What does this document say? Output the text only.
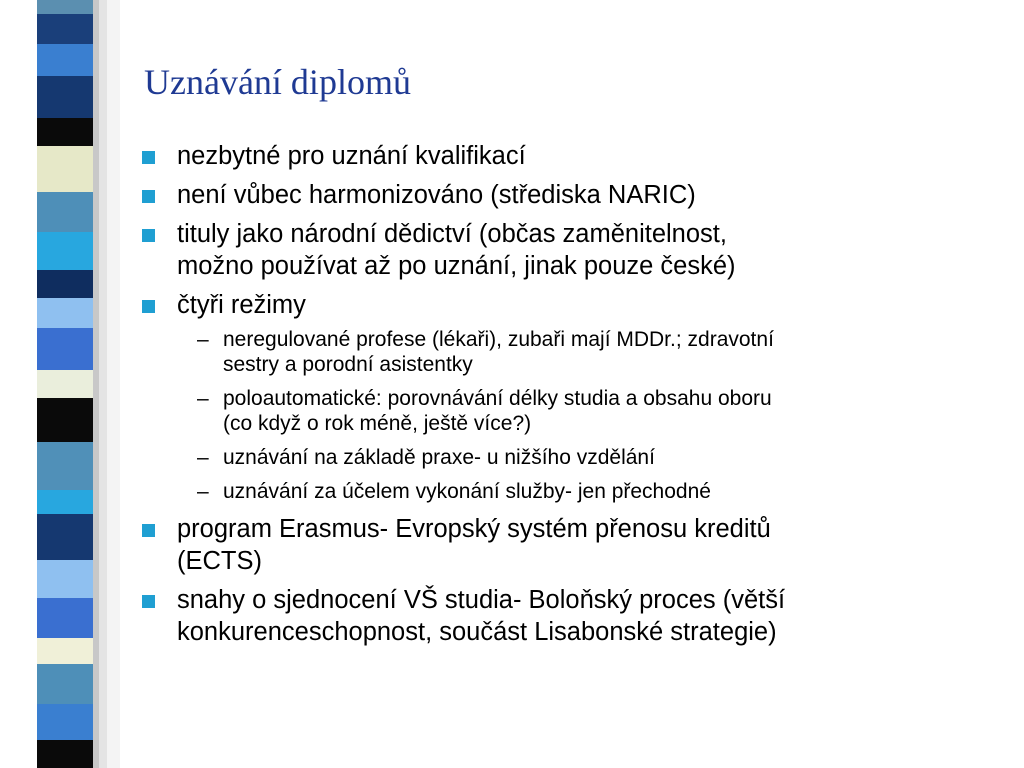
Uznávání diplomů
nezbytné pro uznání kvalifikací
není vůbec harmonizováno (střediska NARIC)
tituly jako národní dědictví (občas zaměnitelnost,
možno používat až po uznání, jinak pouze české)
čtyři režimy
– neregulované profese (lékaři), zubaři mají MDDr.; zdravotní
sestry a porodní asistentky
– poloautomatické: porovnávání délky studia a obsahu oboru
(co když o rok méně, ještě více?)
– uznávání na základě praxe- u nižšího vzdělání
– uznávání za účelem vykonání služby- jen přechodné
program Erasmus- Evropský systém přenosu kreditů
(ECTS)
snahy o sjednocení VŠ studia- Boloňský proces (větší
konkurenceschopnost, součást Lisabonské strategie)
